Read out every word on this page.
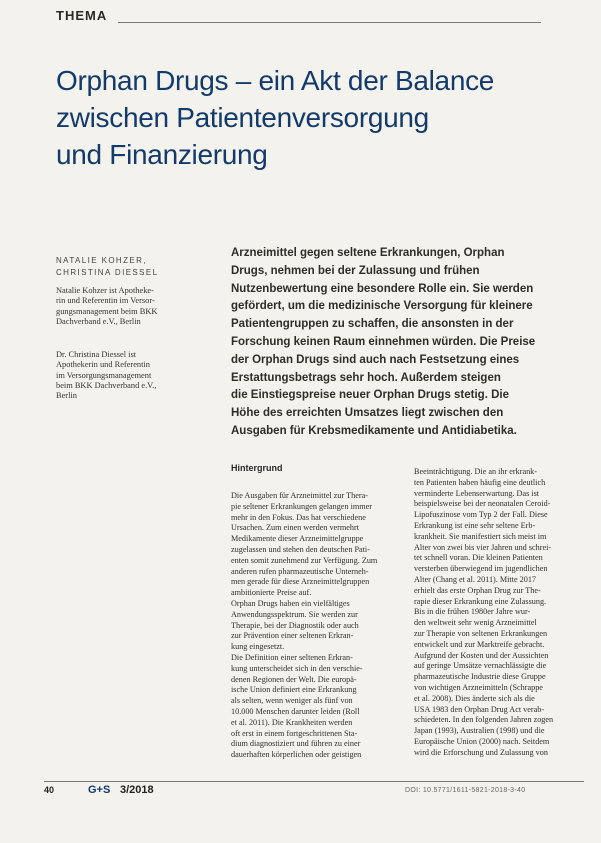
THEMA
Orphan Drugs – ein Akt der Balance
zwischen Patientenversorgung
und Finanzierung
NATALIE KOHZER,
CHRISTINA DIESSEL
Natalie Kohzer ist Apotheke-
rin und Referentin im Versor-
gungsmanagement beim BKK
Dachverband e.V., Berlin
Dr. Christina Diessel ist
Apothekerin und Referentin
im Versorgungsmanagement
beim BKK Dachverband e.V.,
Berlin
Arzneimittel gegen seltene Erkrankungen, Orphan
Drugs, nehmen bei der Zulassung und frühen
Nutzenbewertung eine besondere Rolle ein. Sie werden
gefördert, um die medizinische Versorgung für kleinere
Patientengruppen zu schaffen, die ansonsten in der
Forschung keinen Raum einnehmen würden. Die Preise
der Orphan Drugs sind auch nach Festsetzung eines
Erstattungsbetrags sehr hoch. Außerdem steigen
die Einstiegspreise neuer Orphan Drugs stetig. Die
Höhe des erreichten Umsatzes liegt zwischen den
Ausgaben für Krebsmedikamente und Antidiabetika.
Hintergrund
Die Ausgaben für Arzneimittel zur Thera-
pie seltener Erkrankungen gelangen immer
mehr in den Fokus. Das hat verschiedene
Ursachen. Zum einen werden vermehrt
Medikamente dieser Arzneimittelgruppe
zugelassen und stehen den deutschen Pati-
enten somit zunehmend zur Verfügung. Zum
anderen rufen pharmazeutische Unterneh-
men gerade für diese Arzneimittelgruppen
ambitionierte Preise auf.
Orphan Drugs haben ein vielfältiges
Anwendungsspektrum. Sie werden zur
Therapie, bei der Diagnostik oder auch
zur Prävention einer seltenen Erkran-
kung eingesetzt.
Die Definition einer seltenen Erkran-
kung unterscheidet sich in den verschie-
denen Regionen der Welt. Die europä-
ische Union definiert eine Erkrankung
als selten, wenn weniger als fünf von
10.000 Menschen darunter leiden (Roll
et al. 2011). Die Krankheiten werden
oft erst in einem fortgeschrittenen Sta-
dium diagnostiziert und führen zu einer
dauerhaften körperlichen oder geistigen
Beeinträchtigung. Die an ihr erkrank-
ten Patienten haben häufig eine deutlich
verminderte Lebenserwartung. Das ist
beispielsweise bei der neonatalen Ceroid-
Lipofuszinose vom Typ 2 der Fall. Diese
Erkrankung ist eine sehr seltene Erb-
krankheit. Sie manifestiert sich meist im
Alter von zwei bis vier Jahren und schrei-
tet schnell voran. Die kleinen Patienten
versterben überwiegend im jugendlichen
Alter (Chang et al. 2011). Mitte 2017
erhielt das erste Orphan Drug zur The-
rapie dieser Erkrankung eine Zulassung.
Bis in die frühen 1980er Jahre wur-
den weltweit sehr wenig Arzneimittel
zur Therapie von seltenen Erkrankungen
entwickelt und zur Marktreife gebracht.
Aufgrund der Kosten und der Aussichten
auf geringe Umsätze vernachlässigte die
pharmazeutische Industrie diese Gruppe
von wichtigen Arzneimitteln (Schrappe
et al. 2008). Dies änderte sich als die
USA 1983 den Orphan Drug Act verab-
schiedeten. In den folgenden Jahren zogen
Japan (1993), Australien (1998) und die
Europäische Union (2000) nach. Seitdem
wird die Erforschung und Zulassung von
40	G+S 3/2018	DOI: 10.5771/1611-5821-2018-3-40
